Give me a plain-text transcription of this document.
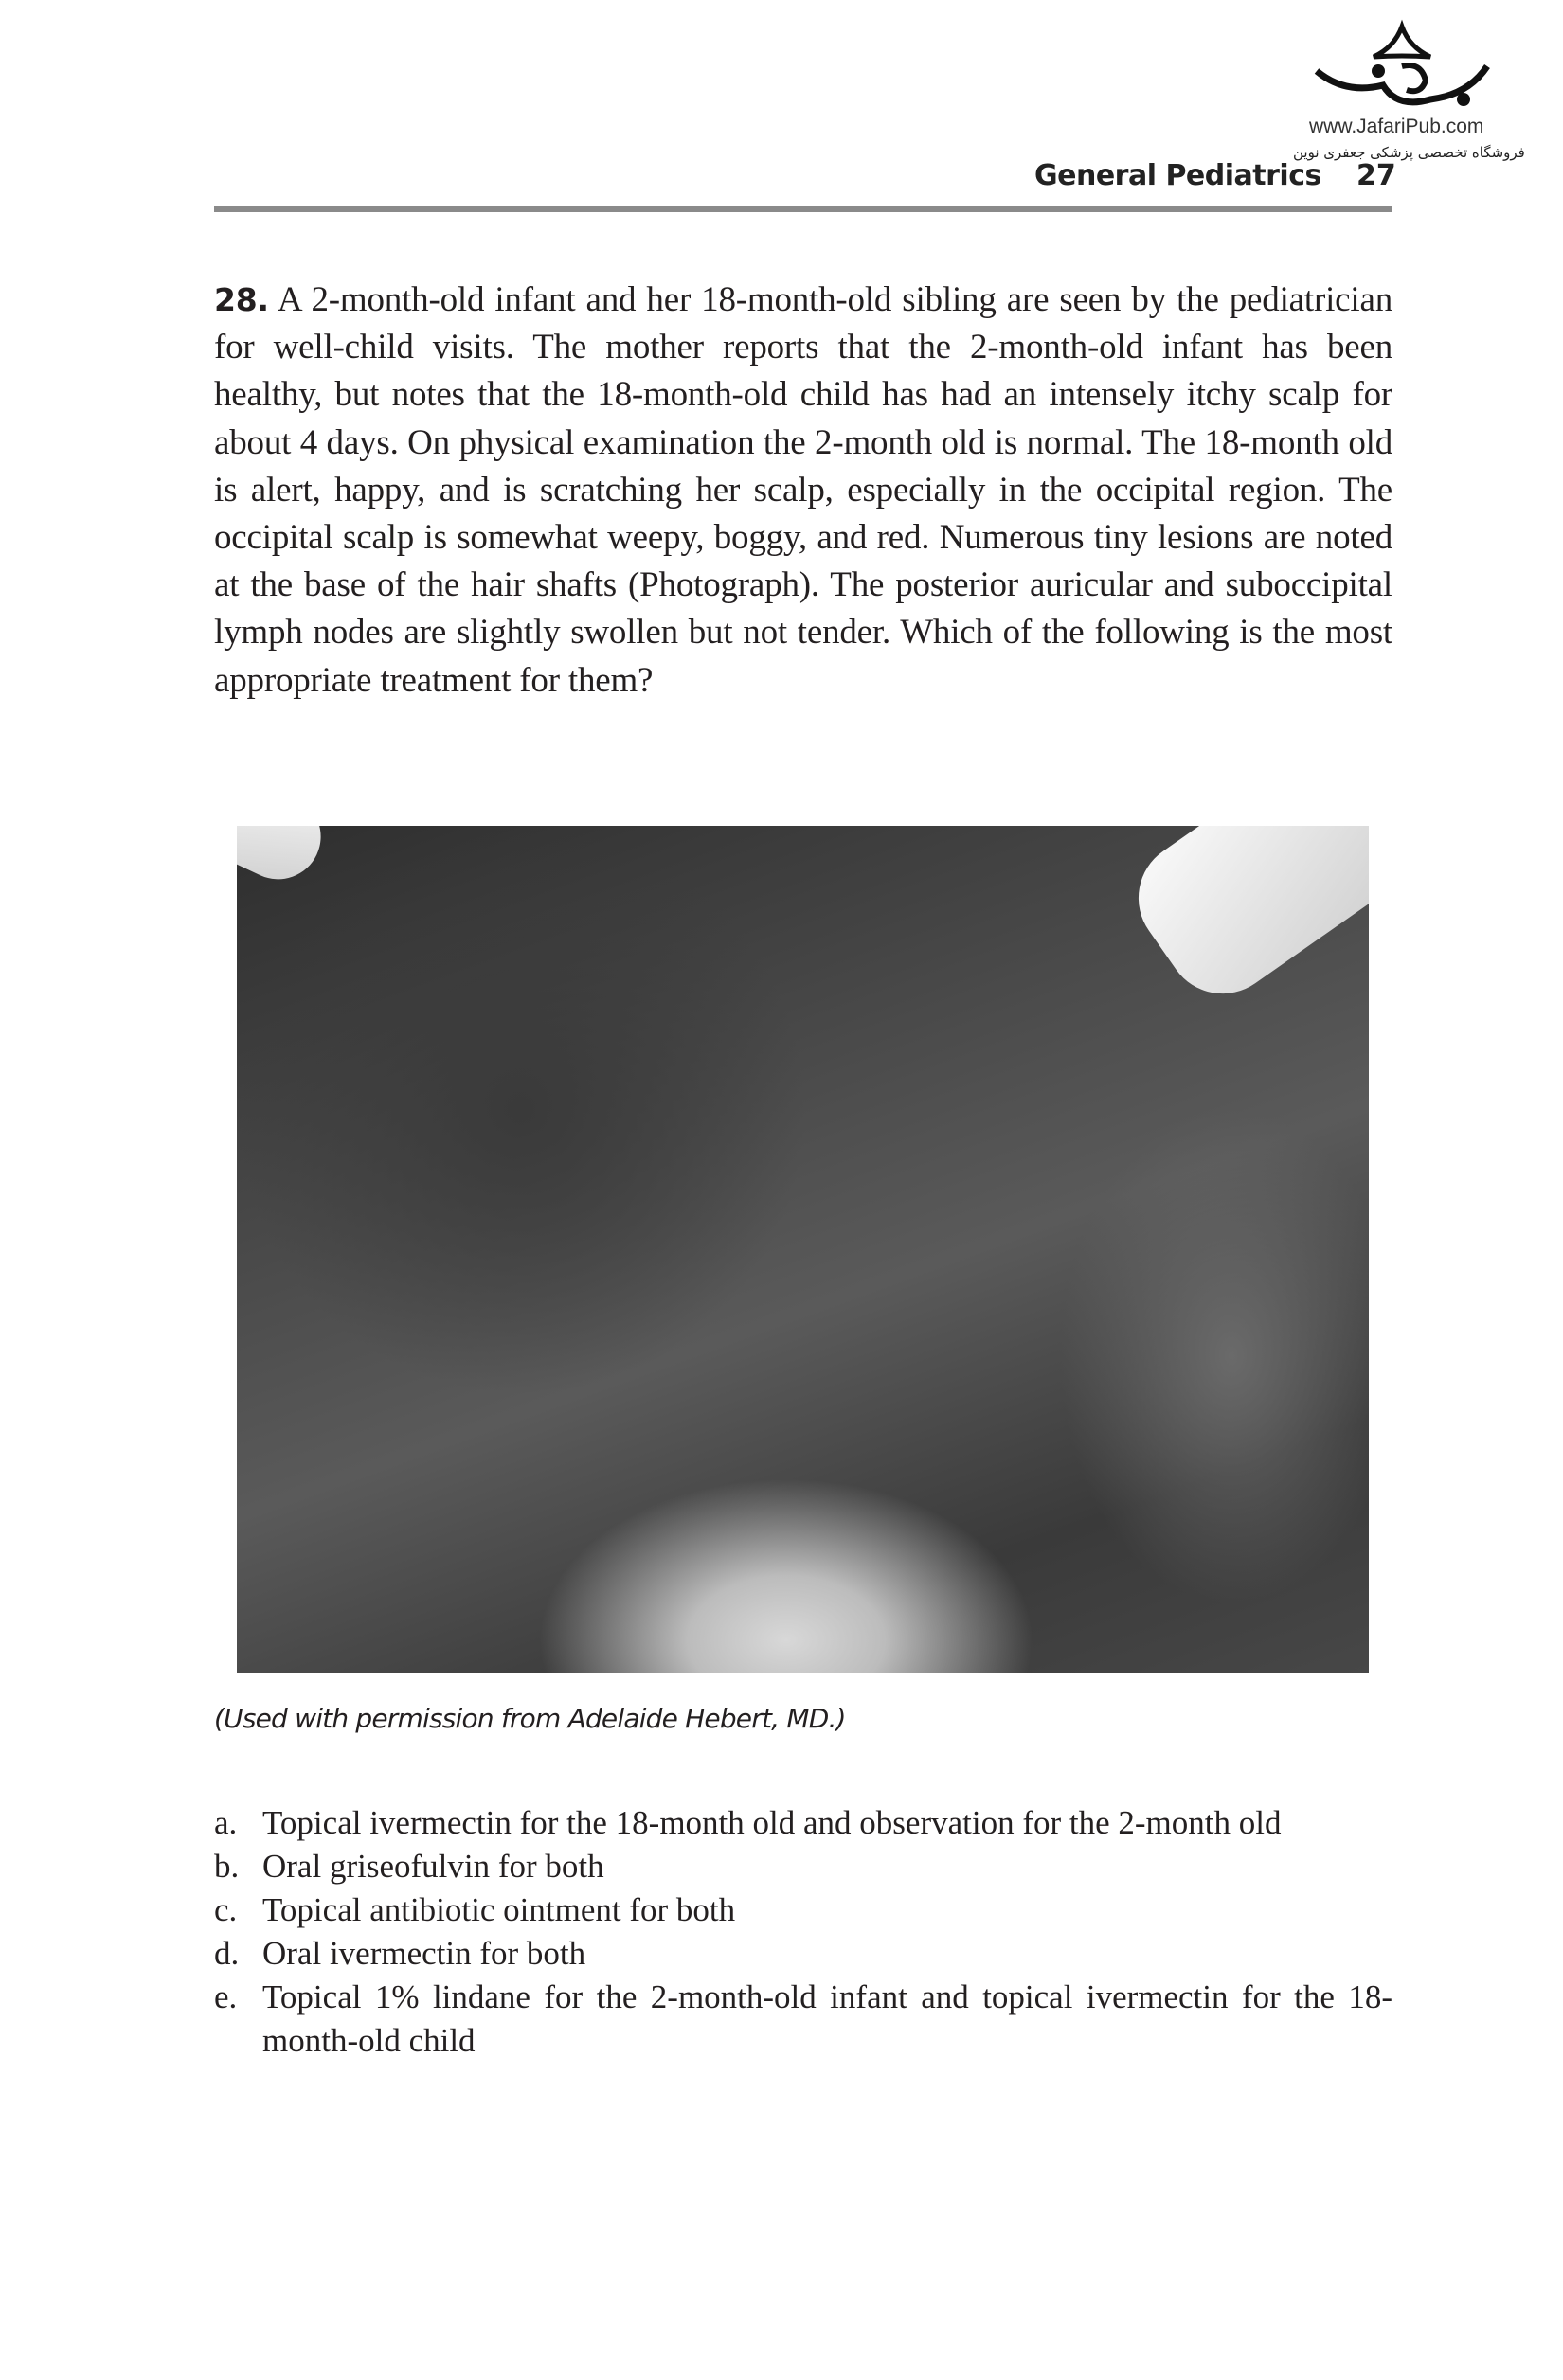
www.JafariPub.com
فروشگاه تخصصی پزشکی جعفری نوین
General Pediatrics 27
28. A 2-month-old infant and her 18-month-old sibling are seen by the pediatrician for well-child visits. The mother reports that the 2-month-old infant has been healthy, but notes that the 18-month-old child has had an intensely itchy scalp for about 4 days. On physical examination the 2-month old is normal. The 18-month old is alert, happy, and is scratching her scalp, especially in the occipital region. The occipital scalp is somewhat weepy, boggy, and red. Numerous tiny lesions are noted at the base of the hair shafts (Photograph). The posterior auricular and suboccipital lymph nodes are slightly swollen but not tender. Which of the following is the most appropriate treatment for them?
(Used with permission from Adelaide Hebert, MD.)
a. Topical ivermectin for the 18-month old and observation for the 2-month old
b. Oral griseofulvin for both
c. Topical antibiotic ointment for both
d. Oral ivermectin for both
e. Topical 1% lindane for the 2-month-old infant and topical ivermectin for the 18-month-old child
